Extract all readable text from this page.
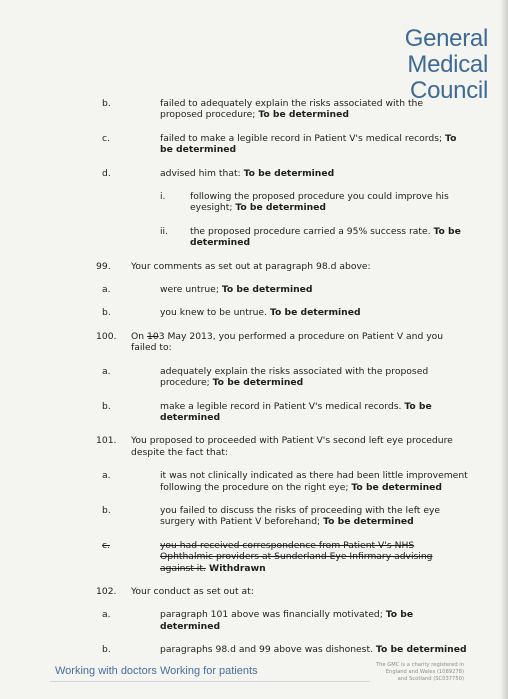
General
Medical
Council
b.	failed to adequately explain the risks associated with the proposed procedure; To be determined
c.	failed to make a legible record in Patient V's medical records; To be determined
d.	advised him that: To be determined
i.	following the proposed procedure you could improve his eyesight; To be determined
ii.	the proposed procedure carried a 95% success rate. To be determined
99.	Your comments as set out at paragraph 98.d above:
a.	were untrue; To be determined
b.	you knew to be untrue. To be determined
100.	On 103 May 2013, you performed a procedure on Patient V and you failed to:
a.	adequately explain the risks associated with the proposed procedure; To be determined
b.	make a legible record in Patient V's medical records. To be determined
101.	You proposed to proceeded with Patient V's second left eye procedure despite the fact that:
a.	it was not clinically indicated as there had been little improvement following the procedure on the right eye; To be determined
b.	you failed to discuss the risks of proceeding with the left eye surgery with Patient V beforehand; To be determined
c.	you had received correspondence from Patient V's NHS Ophthalmic providers at Sunderland Eye Infirmary advising against it. Withdrawn
102.	Your conduct as set out at:
a.	paragraph 101 above was financially motivated; To be determined
b.	paragraphs 98.d and 99 above was dishonest. To be determined
Working with doctors Working for patients	The GMC is a charity registered in
England and Wales (1089278)
and Scotland (SC037750)
